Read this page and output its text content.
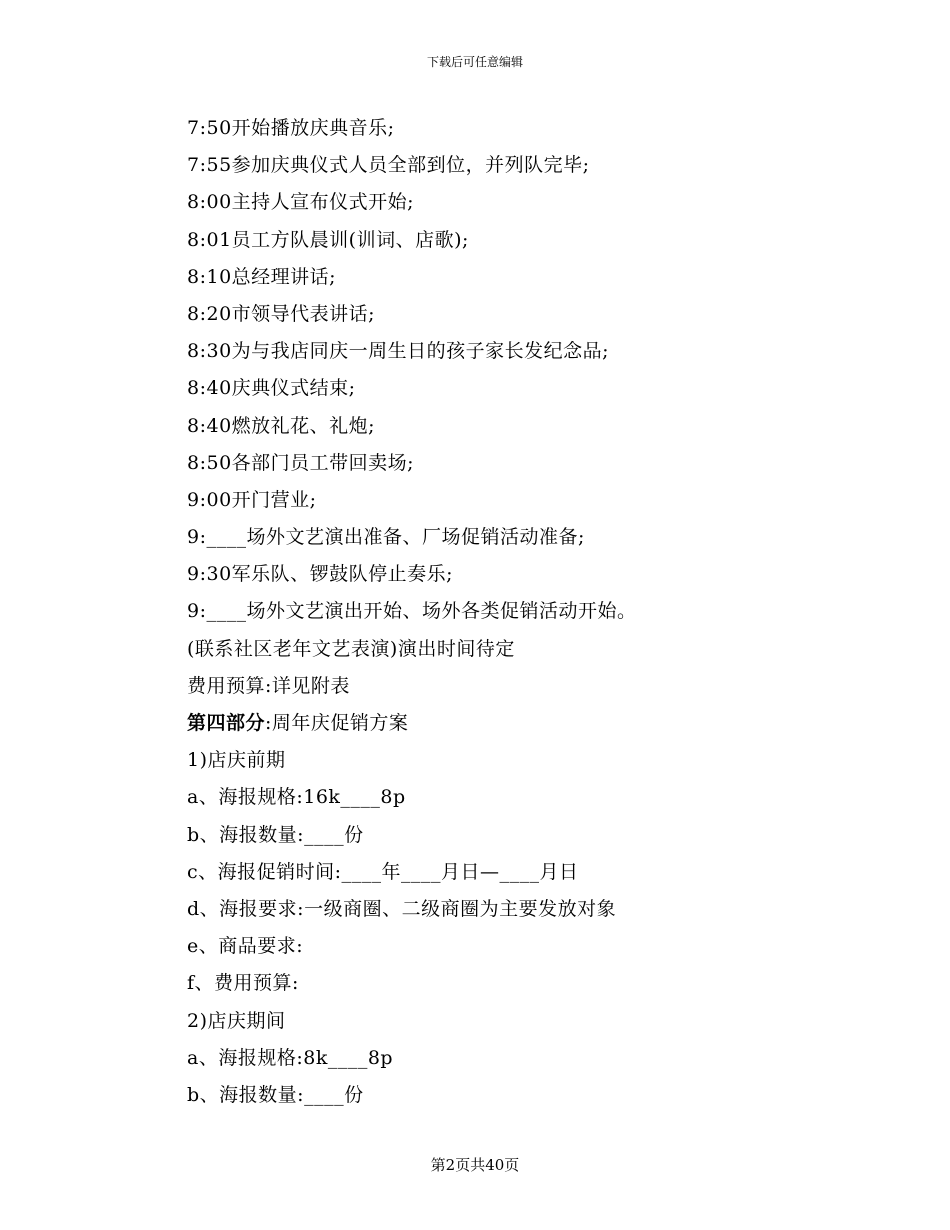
下载后可任意编辑
7:50开始播放庆典音乐;
7:55参加庆典仪式人员全部到位，并列队完毕;
8:00主持人宣布仪式开始;
8:01员工方队晨训(训词、店歌);
8:10总经理讲话;
8:20市领导代表讲话;
8:30为与我店同庆一周生日的孩子家长发纪念品;
8:40庆典仪式结束;
8:40燃放礼花、礼炮;
8:50各部门员工带回卖场;
9:00开门营业;
9:____场外文艺演出准备、厂场促销活动准备;
9:30军乐队、锣鼓队停止奏乐;
9:____场外文艺演出开始、场外各类促销活动开始。
(联系社区老年文艺表演)演出时间待定
费用预算:详见附表
第四部分:周年庆促销方案
1)店庆前期
a、海报规格:16k____8p
b、海报数量:____份
c、海报促销时间:____年____月日—____月日
d、海报要求:一级商圈、二级商圈为主要发放对象
e、商品要求:
f、费用预算:
2)店庆期间
a、海报规格:8k____8p
b、海报数量:____份
第2页共40页
